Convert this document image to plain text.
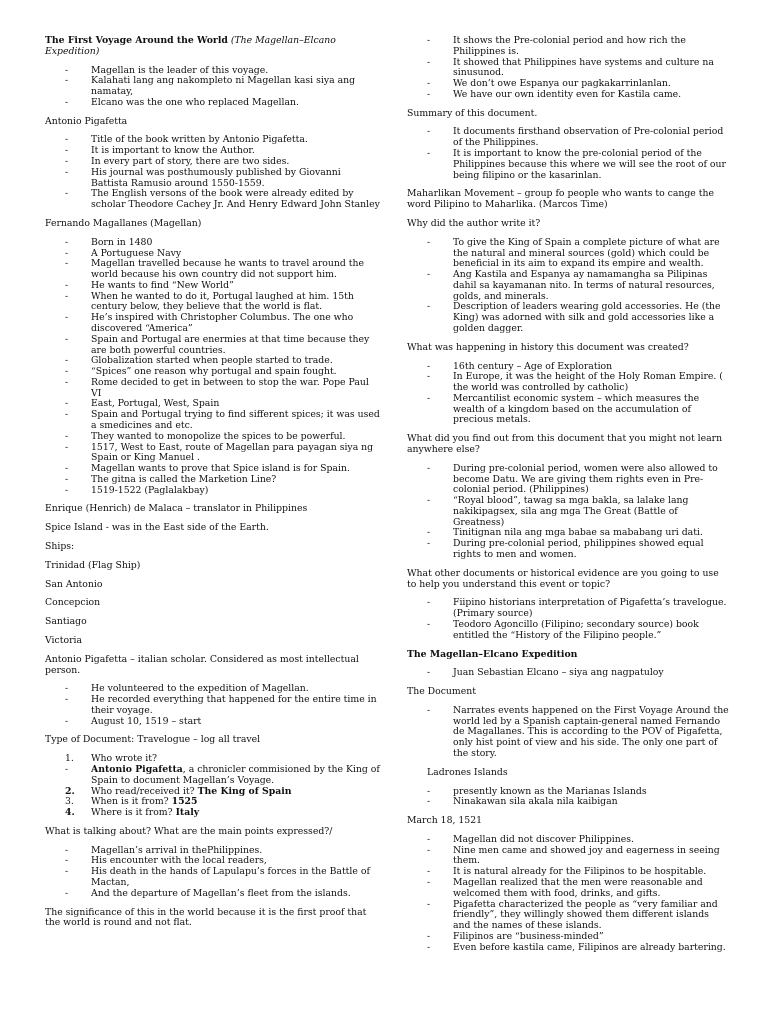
The First Voyage Around the World (The Magellan–Elcano Expedition)

- Magellan is the leader of this voyage.
- Kalahati lang ang nakompleto ni Magellan kasi siya ang namatay,
- Elcano was the one who replaced Magellan.

Antonio Pigafetta

- Title of the book written by Antonio Pigafetta.
- It is important to know the Author.
- In every part of story, there are two sides.
- His journal was posthumously published by Giovanni Battista Ramusio around 1550-1559.
- The English versons of the book were already edited by scholar Theodore Cachey Jr. And Henry Edward John Stanley

Fernando Magallanes (Magellan)

- Born in 1480
- A Portuguese Navy
- Magellan travelled because he wants to travel around the world because his own country did not support him.
- He wants to find “New World”
- When he wanted to do it, Portugal laughed at him. 15th century below, they believe that the world is flat.
- He’s inspired with Christopher Columbus. The one who discovered “America”
- Spain and Portugal are enermies at that time because they are both powerful countries.
- Globalization started when people started to trade.
- “Spices” one reason why portugal and spain fought.
- Rome decided to get in between to stop the war. Pope Paul VI
- East, Portugal, West, Spain
- Spain and Portugal trying to find sifferent spices; it was used a smedicines and etc.
- They wanted to monopolize the spices to be powerful.
- 1517, West to East, route of Magellan para payagan siya ng Spain or King Manuel .
- Magellan wants to prove that Spice island is for Spain.
- The gitna is called the Marketion Line?
- 1519-1522 (Paglalakbay)

Enrique (Henrich) de Malaca – translator in Philippines

Spice Island - was in the East side of the Earth.

Ships:

Trinidad (Flag Ship)

San Antonio

Concepcion

Santiago

Victoria

Antonio Pigafetta – italian scholar. Considered as most intellectual person.

- He volunteered to the expedition of Magellan.
- He recorded everything that happened for the entire time in their voyage.
- August 10, 1519 – start

Type of Document: Travelogue – log all travel

1. Who wrote it?
- Antonio Pigafetta, a chronicler commisioned by the King of Spain to document Magellan’s Voyage.
2. Who read/received it? The King of Spain
3. When is it from? 1525
4. Where is it from? Italy

What is talking about? What are the main points expressed?/

- Magellan’s arrival in thePhilippines.
- His encounter with the local readers,
- His death in the hands of Lapulapu’s forces in the Battle of Mactan,
- And the departure of Magellan’s fleet from the islands.

The significance of this in the world because it is the first proof that the world is round and not flat.

- It shows the Pre-colonial period and how rich the Philippines is.
- It showed that Philippines have systems and culture na sinusunod.
- We don’t owe Espanya our pagkakarrinlanlan.
- We have our own identity even for Kastila came.

Summary of this document.

- It documents firsthand observation of Pre-colonial period of the Philippines.
- It is important to know the pre-colonial period of the Philippines because this where we will see the root of our being filipino or the kasarinlan.

Maharlikan Movement – group fo people who wants to cange the word Pilipino to Maharlika. (Marcos Time)

Why did the author write it?

- To give the King of Spain a complete picture of what are the natural and mineral sources (gold) which could be beneficial in its aim to expand its empire and wealth.
- Ang Kastila and Espanya ay namamangha sa Pilipinas dahil sa kayamanan nito. In terms of natural resources, golds, and minerals.
- Description of leaders wearing gold accessories. He (the King) was adorned with silk and gold accessories like a golden dagger.

What was happening in history this document was created?

- 16th century – Age of Exploration
- In Europe, it was the height of the Holy Roman Empire. ( the world was controlled by catholic)
- Mercantilist economic system – which measures the wealth of a kingdom based on the accumulation of precious metals.

What did you find out from this document that you might not learn anywhere else?

- During pre-colonial period, women were also allowed to become Datu. We are giving them rights even in Pre-colonial period. (Philippines)
- “Royal blood”, tawag sa mga bakla, sa lalake lang nakikipagsex, sila ang mga The Great (Battle of Greatness)
- Tinitignan nila ang mga babae sa mababang uri dati.
- During pre-colonial period, philippines showed equal rights to men and women.

What other documents or historical evidence are you going to use to help you understand this event or topic?

- Fiipino historians interpretation of Pigafetta’s travelogue. (Primary source)
- Teodoro Agoncillo (Filipino; secondary source) book entitled the “History of the Filipino people.”

The Magellan–Elcano Expedition

- Juan Sebastian Elcano – siya ang nagpatuloy

The Document

- Narrates events happened on the First Voyage Around the world led by a Spanish captain-general named Fernando de Magallanes. This is according to the POV of Pigafetta, only hist point of view and his side. The only one part of the story.

Ladrones Islands

- presently known as the Marianas Islands
- Ninakawan sila akala nila kaibigan

March 18, 1521

- Magellan did not discover Philippines.
- Nine men came and showed joy and eagerness in seeing them.
- It is natural already for the Filipinos to be hospitable.
- Magellan realized that the men were reasonable and welcomed them with food, drinks, and gifts.
- Pigafetta characterized the people as “very familiar and friendly”, they willingly showed them different islands and the names of these islands.
- Filipinos are “business-minded”
- Even before kastila came, Filipinos are already bartering.
